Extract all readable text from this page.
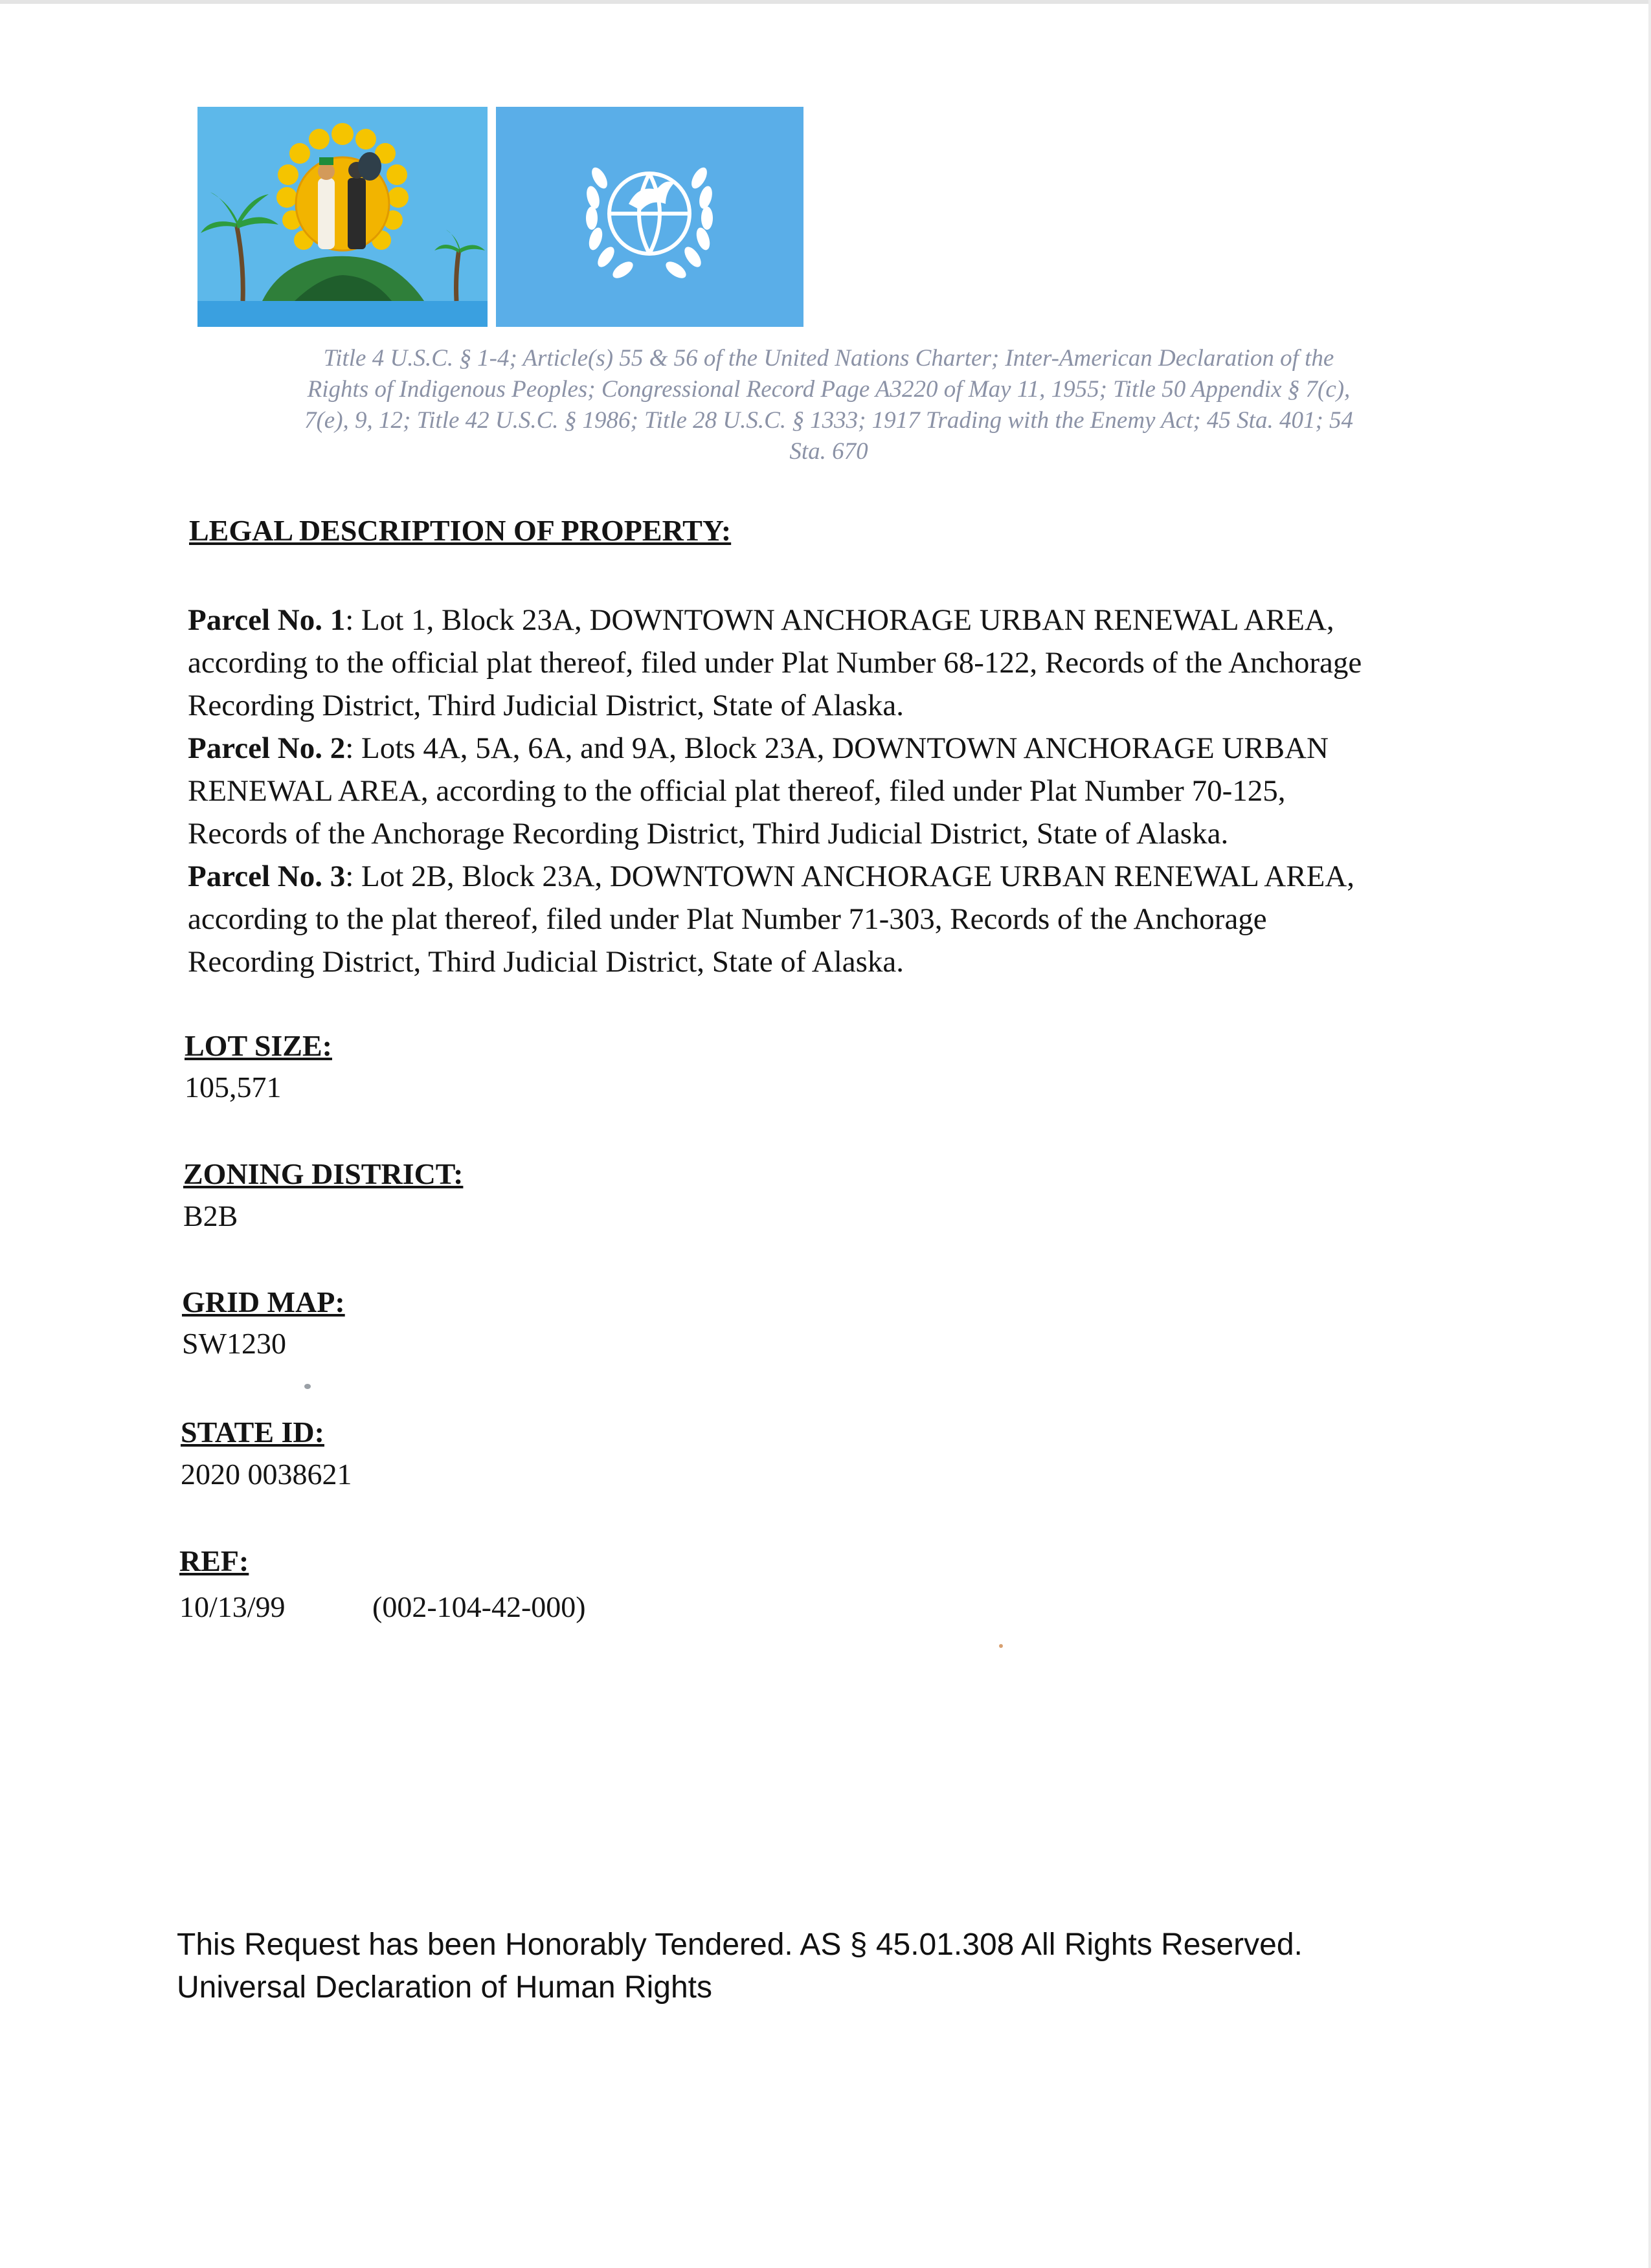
Title 4 U.S.C. § 1-4; Article(s) 55 & 56 of the United Nations Charter; Inter-American Declaration of the
Rights of Indigenous Peoples; Congressional Record Page A3220 of May 11, 1955; Title 50 Appendix § 7(c),
7(e), 9, 12; Title 42 U.S.C. § 1986; Title 28 U.S.C. § 1333; 1917 Trading with the Enemy Act; 45 Sta. 401; 54
Sta. 670
LEGAL DESCRIPTION OF PROPERTY:
Parcel No. 1: Lot 1, Block 23A, DOWNTOWN ANCHORAGE URBAN RENEWAL AREA,
according to the official plat thereof, filed under Plat Number 68-122, Records of the Anchorage
Recording District, Third Judicial District, State of Alaska.
Parcel No. 2: Lots 4A, 5A, 6A, and 9A, Block 23A, DOWNTOWN ANCHORAGE URBAN
RENEWAL AREA, according to the official plat thereof, filed under Plat Number 70-125,
Records of the Anchorage Recording District, Third Judicial District, State of Alaska.
Parcel No. 3: Lot 2B, Block 23A, DOWNTOWN ANCHORAGE URBAN RENEWAL AREA,
according to the plat thereof, filed under Plat Number 71-303, Records of the Anchorage
Recording District, Third Judicial District, State of Alaska.
LOT SIZE:
105,571
ZONING DISTRICT:
B2B
GRID MAP:
SW1230
STATE ID:
2020 0038621
REF:
10/13/99	(002-104-42-000)
This Request has been Honorably Tendered. AS § 45.01.308 All Rights Reserved.
Universal Declaration of Human Rights
